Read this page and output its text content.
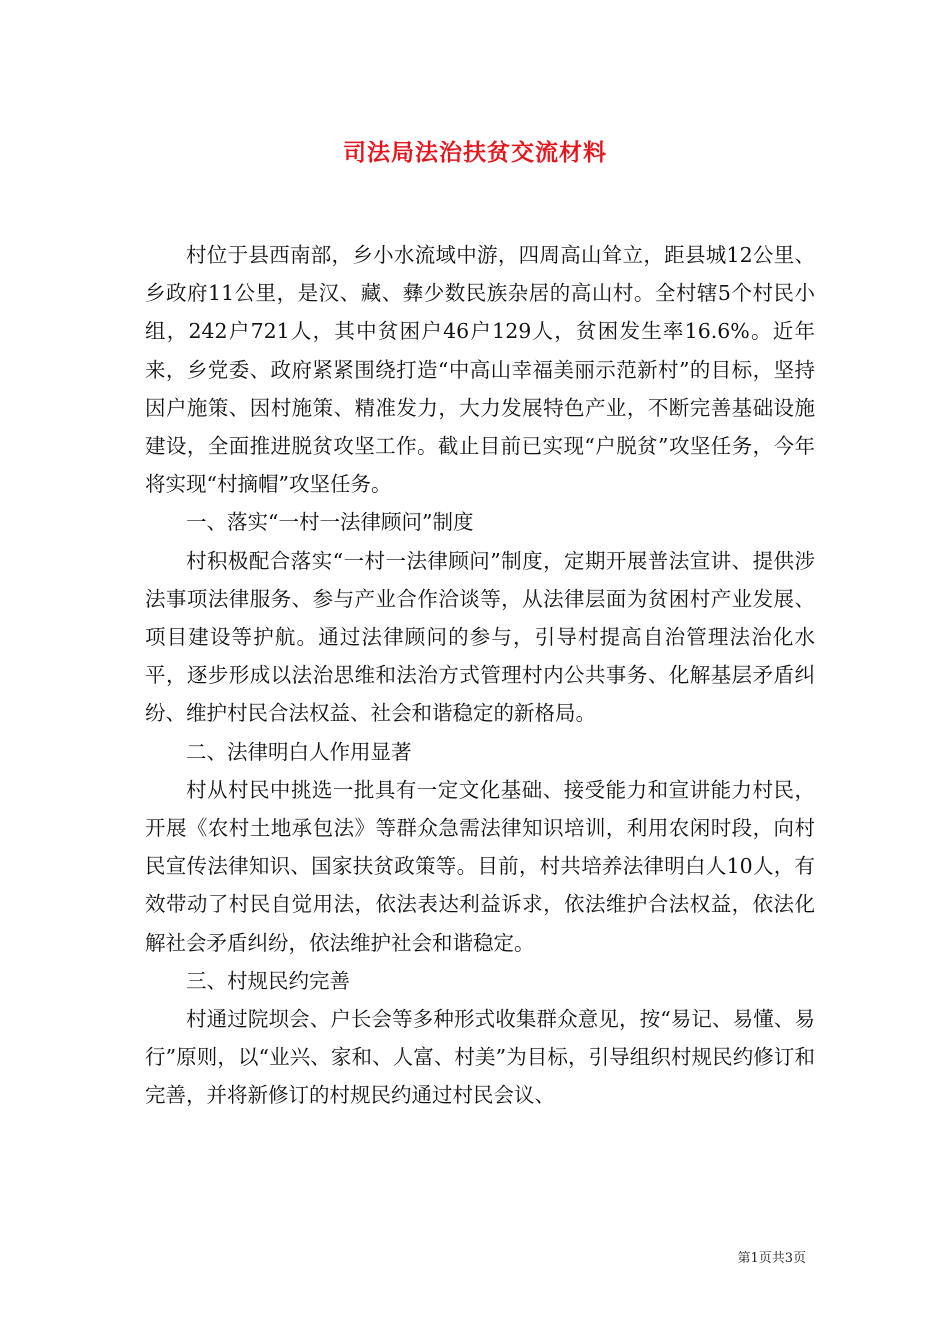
司法局法治扶贫交流材料

村位于县西南部，乡小水流域中游，四周高山耸立，距县城12公里、乡政府11公里，是汉、藏、彝少数民族杂居的高山村。全村辖5个村民小组，242户721人，其中贫困户46户129人，贫困发生率16.6%。近年来，乡党委、政府紧紧围绕打造“中高山幸福美丽示范新村”的目标，坚持因户施策、因村施策、精准发力，大力发展特色产业，不断完善基础设施建设，全面推进脱贫攻坚工作。截止目前已实现“户脱贫”攻坚任务，今年将实现“村摘帽”攻坚任务。

一、落实“一村一法律顾问”制度

村积极配合落实“一村一法律顾问”制度，定期开展普法宣讲、提供涉法事项法律服务、参与产业合作洽谈等，从法律层面为贫困村产业发展、项目建设等护航。通过法律顾问的参与，引导村提高自治管理法治化水平，逐步形成以法治思维和法治方式管理村内公共事务、化解基层矛盾纠纷、维护村民合法权益、社会和谐稳定的新格局。

二、法律明白人作用显著

村从村民中挑选一批具有一定文化基础、接受能力和宣讲能力村民，开展《农村土地承包法》等群众急需法律知识培训，利用农闲时段，向村民宣传法律知识、国家扶贫政策等。目前，村共培养法律明白人10人，有效带动了村民自觉用法，依法表达利益诉求，依法维护合法权益，依法化解社会矛盾纠纷，依法维护社会和谐稳定。

三、村规民约完善

村通过院坝会、户长会等多种形式收集群众意见，按“易记、易懂、易行”原则，以“业兴、家和、人富、村美”为目标，引导组织村规民约修订和完善，并将新修订的村规民约通过村民会议、

第1页共3页
